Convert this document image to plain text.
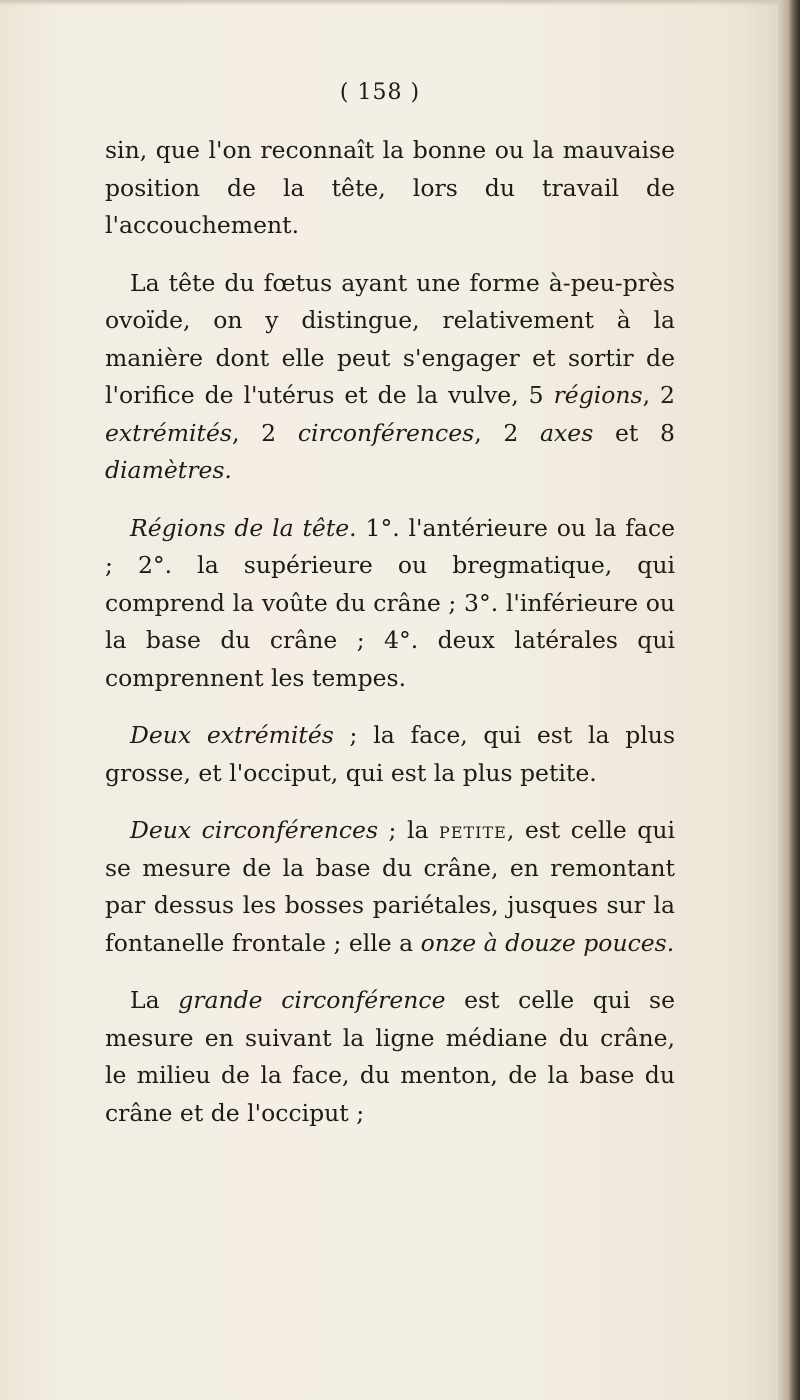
( 158 )

sin, que l'on reconnaît la bonne ou la mauvaise position de la tête, lors du travail de l'accouchement.

La tête du fœtus ayant une forme à-peu-près ovoïde, on y distingue, relativement à la manière dont elle peut s'engager et sortir de l'orifice de l'utérus et de la vulve, 5 régions, 2 extrémités, 2 circonférences, 2 axes et 8 diamètres.

Régions de la tête. 1°. l'antérieure ou la face ; 2°. la supérieure ou bregmatique, qui comprend la voûte du crâne ; 3°. l'inférieure ou la base du crâne ; 4°. deux latérales qui comprennent les tempes.

Deux extrémités ; la face, qui est la plus grosse, et l'occiput, qui est la plus petite.

Deux circonférences ; la petite, est celle qui se mesure de la base du crâne, en remontant par dessus les bosses pariétales, jusques sur la fontanelle frontale ; elle a onze à douze pouces.

La grande circonférence est celle qui se mesure en suivant la ligne médiane du crâne, le milieu de la face, du menton, de la base du crâne et de l'occiput ;
